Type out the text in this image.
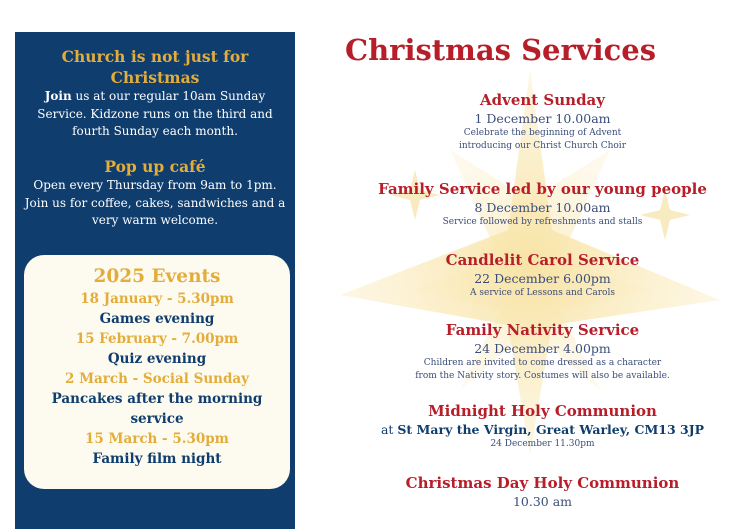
Church is not just for Christmas
Join us at our regular 10am Sunday Service. Kidzone runs on the third and fourth Sunday each month.
Pop up café
Open every Thursday from 9am to 1pm. Join us for coffee, cakes, sandwiches and a very warm welcome.
2025 Events
18 January - 5.30pm
Games evening
15 February - 7.00pm
Quiz evening
2 March - Social Sunday
Pancakes after the morning service
15 March - 5.30pm
Family film night
Christmas Services
Advent Sunday
1 December 10.00am
Celebrate the beginning of Advent
introducing our Christ Church Choir
Family Service led by our young people
8 December 10.00am
Service followed by refreshments and stalls
Candlelit Carol Service
22 December 6.00pm
A service of Lessons and Carols
Family Nativity Service
24 December 4.00pm
Children are invited to come dressed as a character
from the Nativity story. Costumes will also be available.
Midnight Holy Communion
at St Mary the Virgin, Great Warley, CM13 3JP
24 December 11.30pm
Christmas Day Holy Communion
10.30 am
